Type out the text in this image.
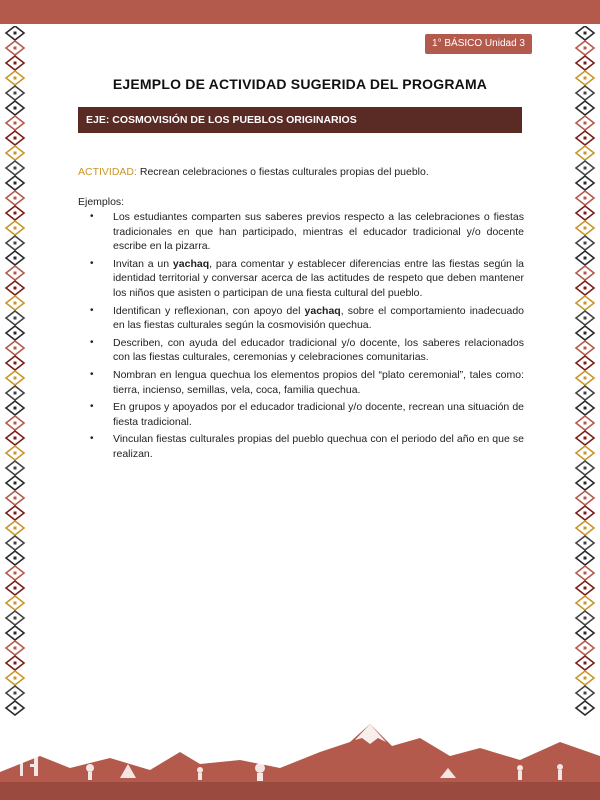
1° BÁSICO Unidad 3
EJEMPLO DE ACTIVIDAD SUGERIDA DEL PROGRAMA
EJE: COSMOVISIÓN DE LOS PUEBLOS ORIGINARIOS
ACTIVIDAD: Recrean celebraciones o fiestas culturales propias del pueblo.
Ejemplos:
• Los estudiantes comparten sus saberes previos respecto a las celebraciones o fiestas tradicionales en que han participado, mientras el educador tradicional y/o docente escribe en la pizarra.
• Invitan a un yachaq, para comentar y establecer diferencias entre las fiestas según la identidad territorial y conversar acerca de las actitudes de respeto que deben mantener los niños que asisten o participan de una fiesta cultural del pueblo.
• Identifican y reflexionan, con apoyo del yachaq, sobre el comportamiento inadecuado en las fiestas culturales según la cosmovisión quechua.
• Describen, con ayuda del educador tradicional y/o docente, los saberes relacionados con las fiestas culturales, ceremonias y celebraciones comunitarias.
• Nombran en lengua quechua los elementos propios del “plato ceremonial”, tales como: tierra, incienso, semillas, vela, coca, familia quechua.
• En grupos y apoyados por el educador tradicional y/o docente, recrean una situación de fiesta tradicional.
• Vinculan fiestas culturales propias del pueblo quechua con el periodo del año en que se realizan.
